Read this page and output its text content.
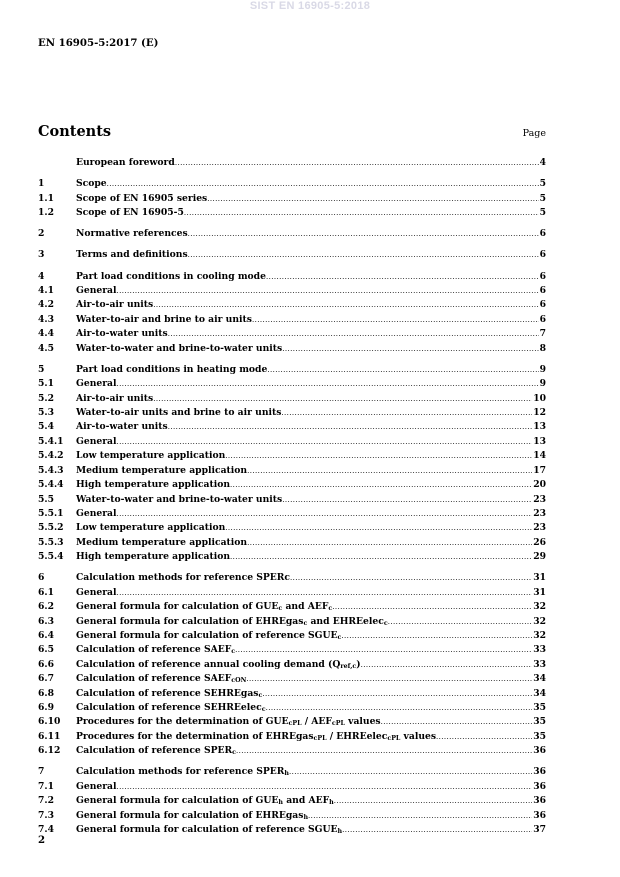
SIST EN 16905-5:2018
EN 16905-5:2017 (E)
Contents	Page
European foreword .....	4
1	Scope .....	5
1.1	Scope of EN 16905 series .....	5
1.2	Scope of EN 16905-5 .....	5
2	Normative references .....	6
3	Terms and definitions .....	6
4	Part load conditions in cooling mode .....	6
4.1	General .....	6
4.2	Air-to-air units .....	6
4.3	Water-to-air and brine to air units .....	6
4.4	Air-to-water units .....	7
4.5	Water-to-water and brine-to-water units .....	8
5	Part load conditions in heating mode .....	9
5.1	General .....	9
5.2	Air-to-air units .....	10
5.3	Water-to-air units and brine to air units .....	12
5.4	Air-to-water units .....	13
5.4.1	General .....	13
5.4.2	Low temperature application .....	14
5.4.3	Medium temperature application .....	17
5.4.4	High temperature application .....	20
5.5	Water-to-water and brine-to-water units .....	23
5.5.1	General .....	23
5.5.2	Low temperature application .....	23
5.5.3	Medium temperature application .....	26
5.5.4	High temperature application .....	29
6	Calculation methods for reference SPERc .....	31
6.1	General .....	31
6.2	General formula for calculation of $GUE_c$ and $AEF_c$ .....	32
6.3	General formula for calculation of EHREgas$_c$ and EHREelec$_c$ .....	32
6.4	General formula for calculation of reference $SGUE_c$ .....	32
6.5	Calculation of reference $SAEF_c$ .....	33
6.6	Calculation of reference annual cooling demand $(Q_{ref,c})$ .....	33
6.7	Calculation of reference $SAEF_{cON}$ .....	34
6.8	Calculation of reference SEHREgas$_c$ .....	34
6.9	Calculation of reference SEHREelec$_c$ .....	35
6.10	Procedures for the determination of $GUE_{cPL} / AEF_{cPL}$ values .....	35
6.11	Procedures for the determination of EHREgas$_{cPL}$ / EHREelec$_{cPL}$ values .....	35
6.12	Calculation of reference $SPER_c$ .....	36
7	Calculation methods for reference $SPER_h$ .....	36
7.1	General .....	36
7.2	General formula for calculation of $GUE_h$ and $AEF_h$ .....	36
7.3	General formula for calculation of EHREgas$_h$ .....	36
7.4	General formula for calculation of reference $SGUE_h$ .....	37
2
